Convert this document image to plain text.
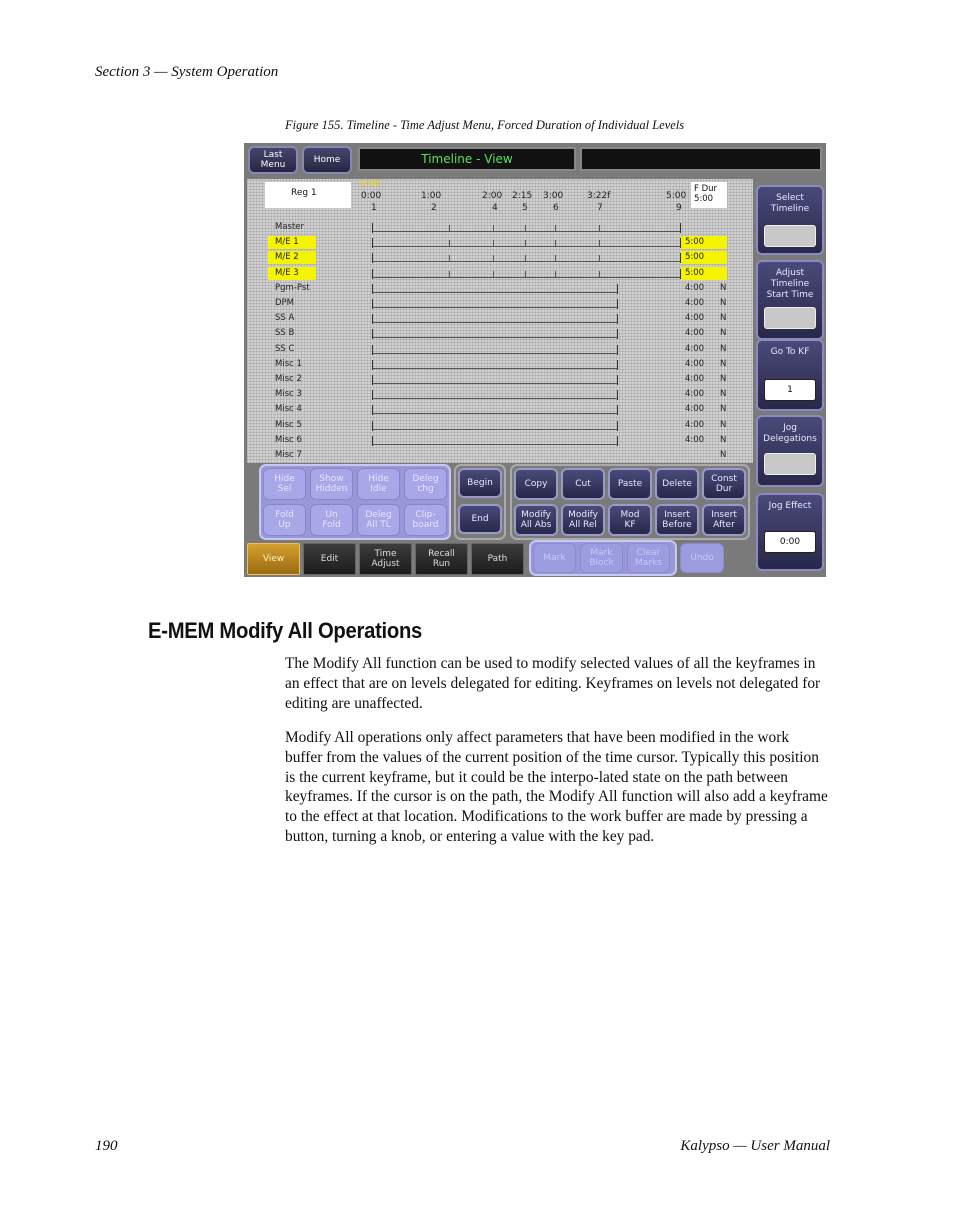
Section 3 — System Operation
Figure 155. Timeline - Time Adjust Menu, Forced Duration of Individual Levels
Last
Menu	Home	Timeline - View
Reg 1
0:00	F Dur
5:00
0:00
1
1:00
2
2:00
4
2:15
5
3:00
6
3:22f
7
5:00
9
Master
M/E 1	5:00
M/E 2	5:00
M/E 3	5:00
Pgm-Pst	4:00 N
DPM	4:00 N
SS A	4:00 N
SS B	4:00 N
SS C	4:00 N
Misc 1	4:00 N
Misc 2	4:00 N
Misc 3	4:00 N
Misc 4	4:00 N
Misc 5	4:00 N
Misc 6	4:00 N
Misc 7	N
Select
Timeline
Adjust
Timeline
Start Time
Go To KF
1
Jog
Delegations
Jog Effect
0:00
Hide
Sel
Show
Hidden
Hide
Idle
Deleg
chg
Fold
Up
Un
Fold
Deleg
All TL
Clip-
board
Begin
End
Copy	Cut	Paste	Delete	Const
Dur
Modify
All Abs
Modify
All Rel
Mod
KF
Insert
Before
Insert
After
View	Edit	Time
Adjust
Recall
Run	Path	Mark	Mark
Block
Clear
Marks	Undo
E-MEM Modify All Operations

The Modify All function can be used to modify selected values of all the keyframes in an effect that are on levels delegated for editing. Keyframes on levels not delegated for editing are unaffected.

Modify All operations only affect parameters that have been modified in the work buffer from the values of the current position of the time cursor. Typically this position is the current keyframe, but it could be the interpo-lated state on the path between keyframes. If the cursor is on the path, the Modify All function will also add a keyframe to the effect at that location. Modifications to the work buffer are made by pressing a button, turning a knob, or entering a value with the key pad.

190	Kalypso — User Manual
